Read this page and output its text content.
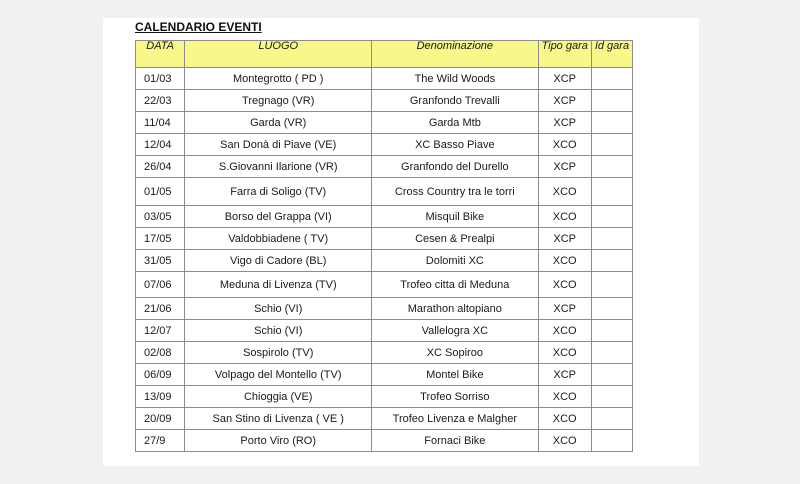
CALENDARIO EVENTI
DATA	LUOGO	Denominazione	Tipo gara	Id gara
01/03	Montegrotto ( PD )	The Wild Woods	XCP	
22/03	Tregnago (VR)	Granfondo Trevalli	XCP	
11/04	Garda (VR)	Garda Mtb	XCP	
12/04	San Donà di Piave (VE)	XC Basso Piave	XCO	
26/04	S.Giovanni Ilarione (VR)	Granfondo del Durello	XCP	
01/05	Farra di Soligo (TV)	Cross Country tra le torri	XCO	
03/05	Borso del Grappa (VI)	Misquil Bike	XCO	
17/05	Valdobbiadene ( TV)	Cesen & Prealpi	XCP	
31/05	Vigo di Cadore (BL)	Dolomiti XC	XCO	
07/06	Meduna di Livenza (TV)	Trofeo citta di Meduna	XCO	
21/06	Schio (VI)	Marathon altopiano	XCP	
12/07	Schio (VI)	Vallelogra XC	XCO	
02/08	Sospirolo (TV)	XC Sopiroo	XCO	
06/09	Volpago del Montello (TV)	Montel Bike	XCP	
13/09	Chioggia (VE)	Trofeo Sorriso	XCO	
20/09	San Stino di Livenza ( VE )	Trofeo Livenza e Malgher	XCO	
27/9	Porto Viro (RO)	Fornaci Bike	XCO	
